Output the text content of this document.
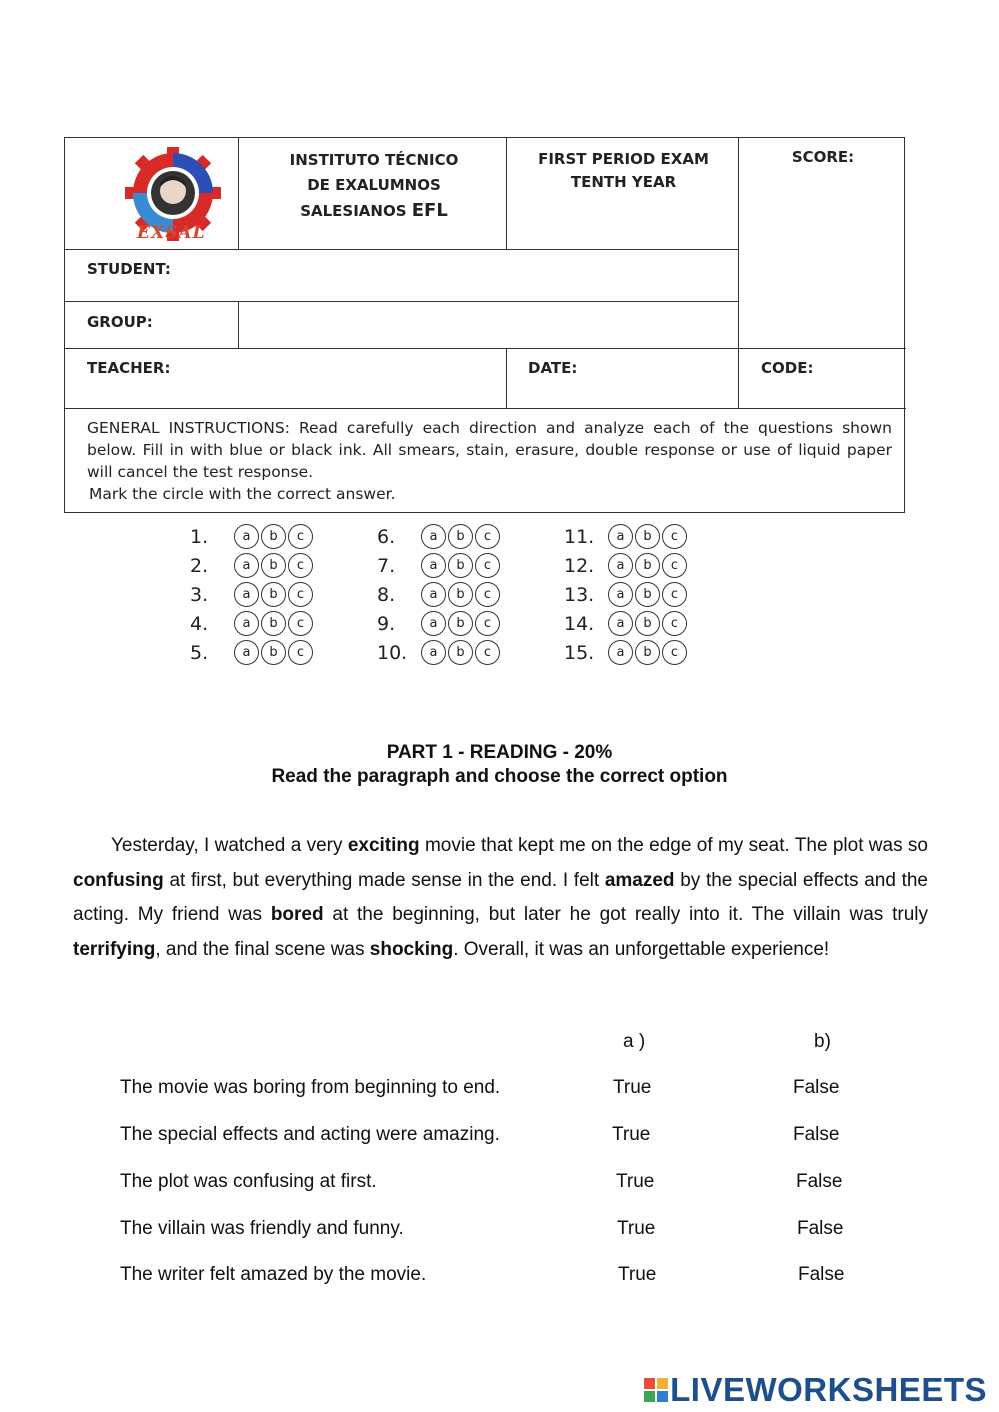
EXSAL
INSTITUTO TÉCNICO
DE EXALUMNOS
SALESIANOS EFL
FIRST PERIOD EXAM
TENTH YEAR
SCORE:
STUDENT:
GROUP:
TEACHER:	DATE:	CODE:

GENERAL INSTRUCTIONS: Read carefully each direction and analyze each of the questions shown below. Fill in with blue or black ink. All smears, stain, erasure, double response or use of liquid paper will cancel the test response.

Mark the circle with the correct answer.

1.	a	b	c
2.	a	b	c
3.	a	b	c
4.	a	b	c
5.	a	b	c
6.	a	b	c
7.	a	b	c
8.	a	b	c
9.	a	b	c
10.	a	b	c
11.	a	b	c
12.	a	b	c
13.	a	b	c
14.	a	b	c
15.	a	b	c
PART 1 - READING - 20%
Read the paragraph and choose the correct option

Yesterday, I watched a very exciting movie that kept me on the edge of my seat. The plot was so confusing at first, but everything made sense in the end. I felt amazed by the special effects and the acting. My friend was bored at the beginning, but later he got really into it. The villain was truly terrifying, and the final scene was shocking. Overall, it was an unforgettable experience!

a )	b)
The movie was boring from beginning to end.	True	False
The special effects and acting were amazing.	True	False
The plot was confusing at first.	True	False
The villain was friendly and funny.	True	False
The writer felt amazed by the movie.	True	False
LIVEWORKSHEETS
